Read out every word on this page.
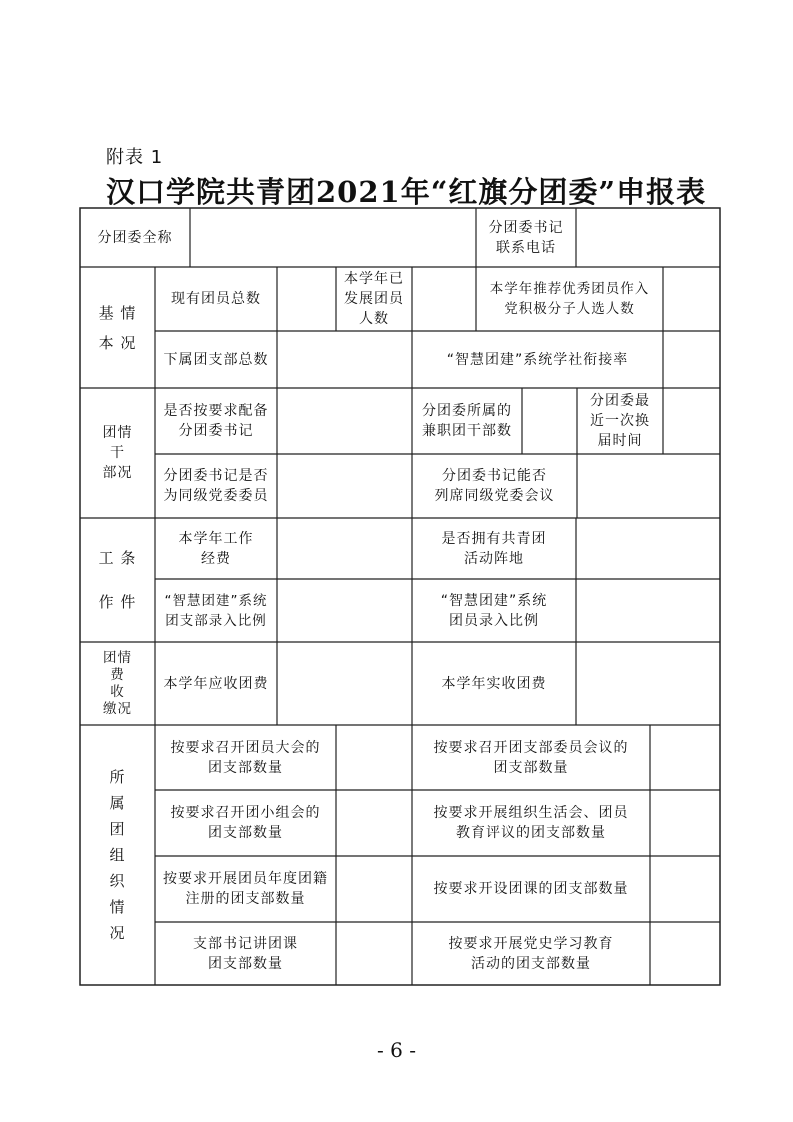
附表 1
汉口学院共青团2021年“红旗分团委”申报表
分团委全称
分团委书记
联系电话
基 情
本 况
现有团员总数
本学年已
发展团员
人数
本学年推荐优秀团员作入
党积极分子人选人数
下属团支部总数	“智慧团建”系统学社衔接率
团情
干
部况
是否按要求配备
分团委书记
分团委所属的
兼职团干部数
分团委最
近一次换
届时间
分团委书记是否
为同级党委委员
分团委书记能否
列席同级党委会议
工 条

作 件
本学年工作
经费
是否拥有共青团
活动阵地
“智慧团建”系统
团支部录入比例
“智慧团建”系统
团员录入比例
团情
费
收
缴况
本学年应收团费	本学年实收团费
所
属
团
组
织
情
况
按要求召开团员大会的
团支部数量
按要求召开团支部委员会议的
团支部数量
按要求召开团小组会的
团支部数量
按要求开展组织生活会、团员
教育评议的团支部数量
按要求开展团员年度团籍
注册的团支部数量
按要求开设团课的团支部数量
支部书记讲团课
团支部数量
按要求开展党史学习教育
活动的团支部数量
- 6 -
